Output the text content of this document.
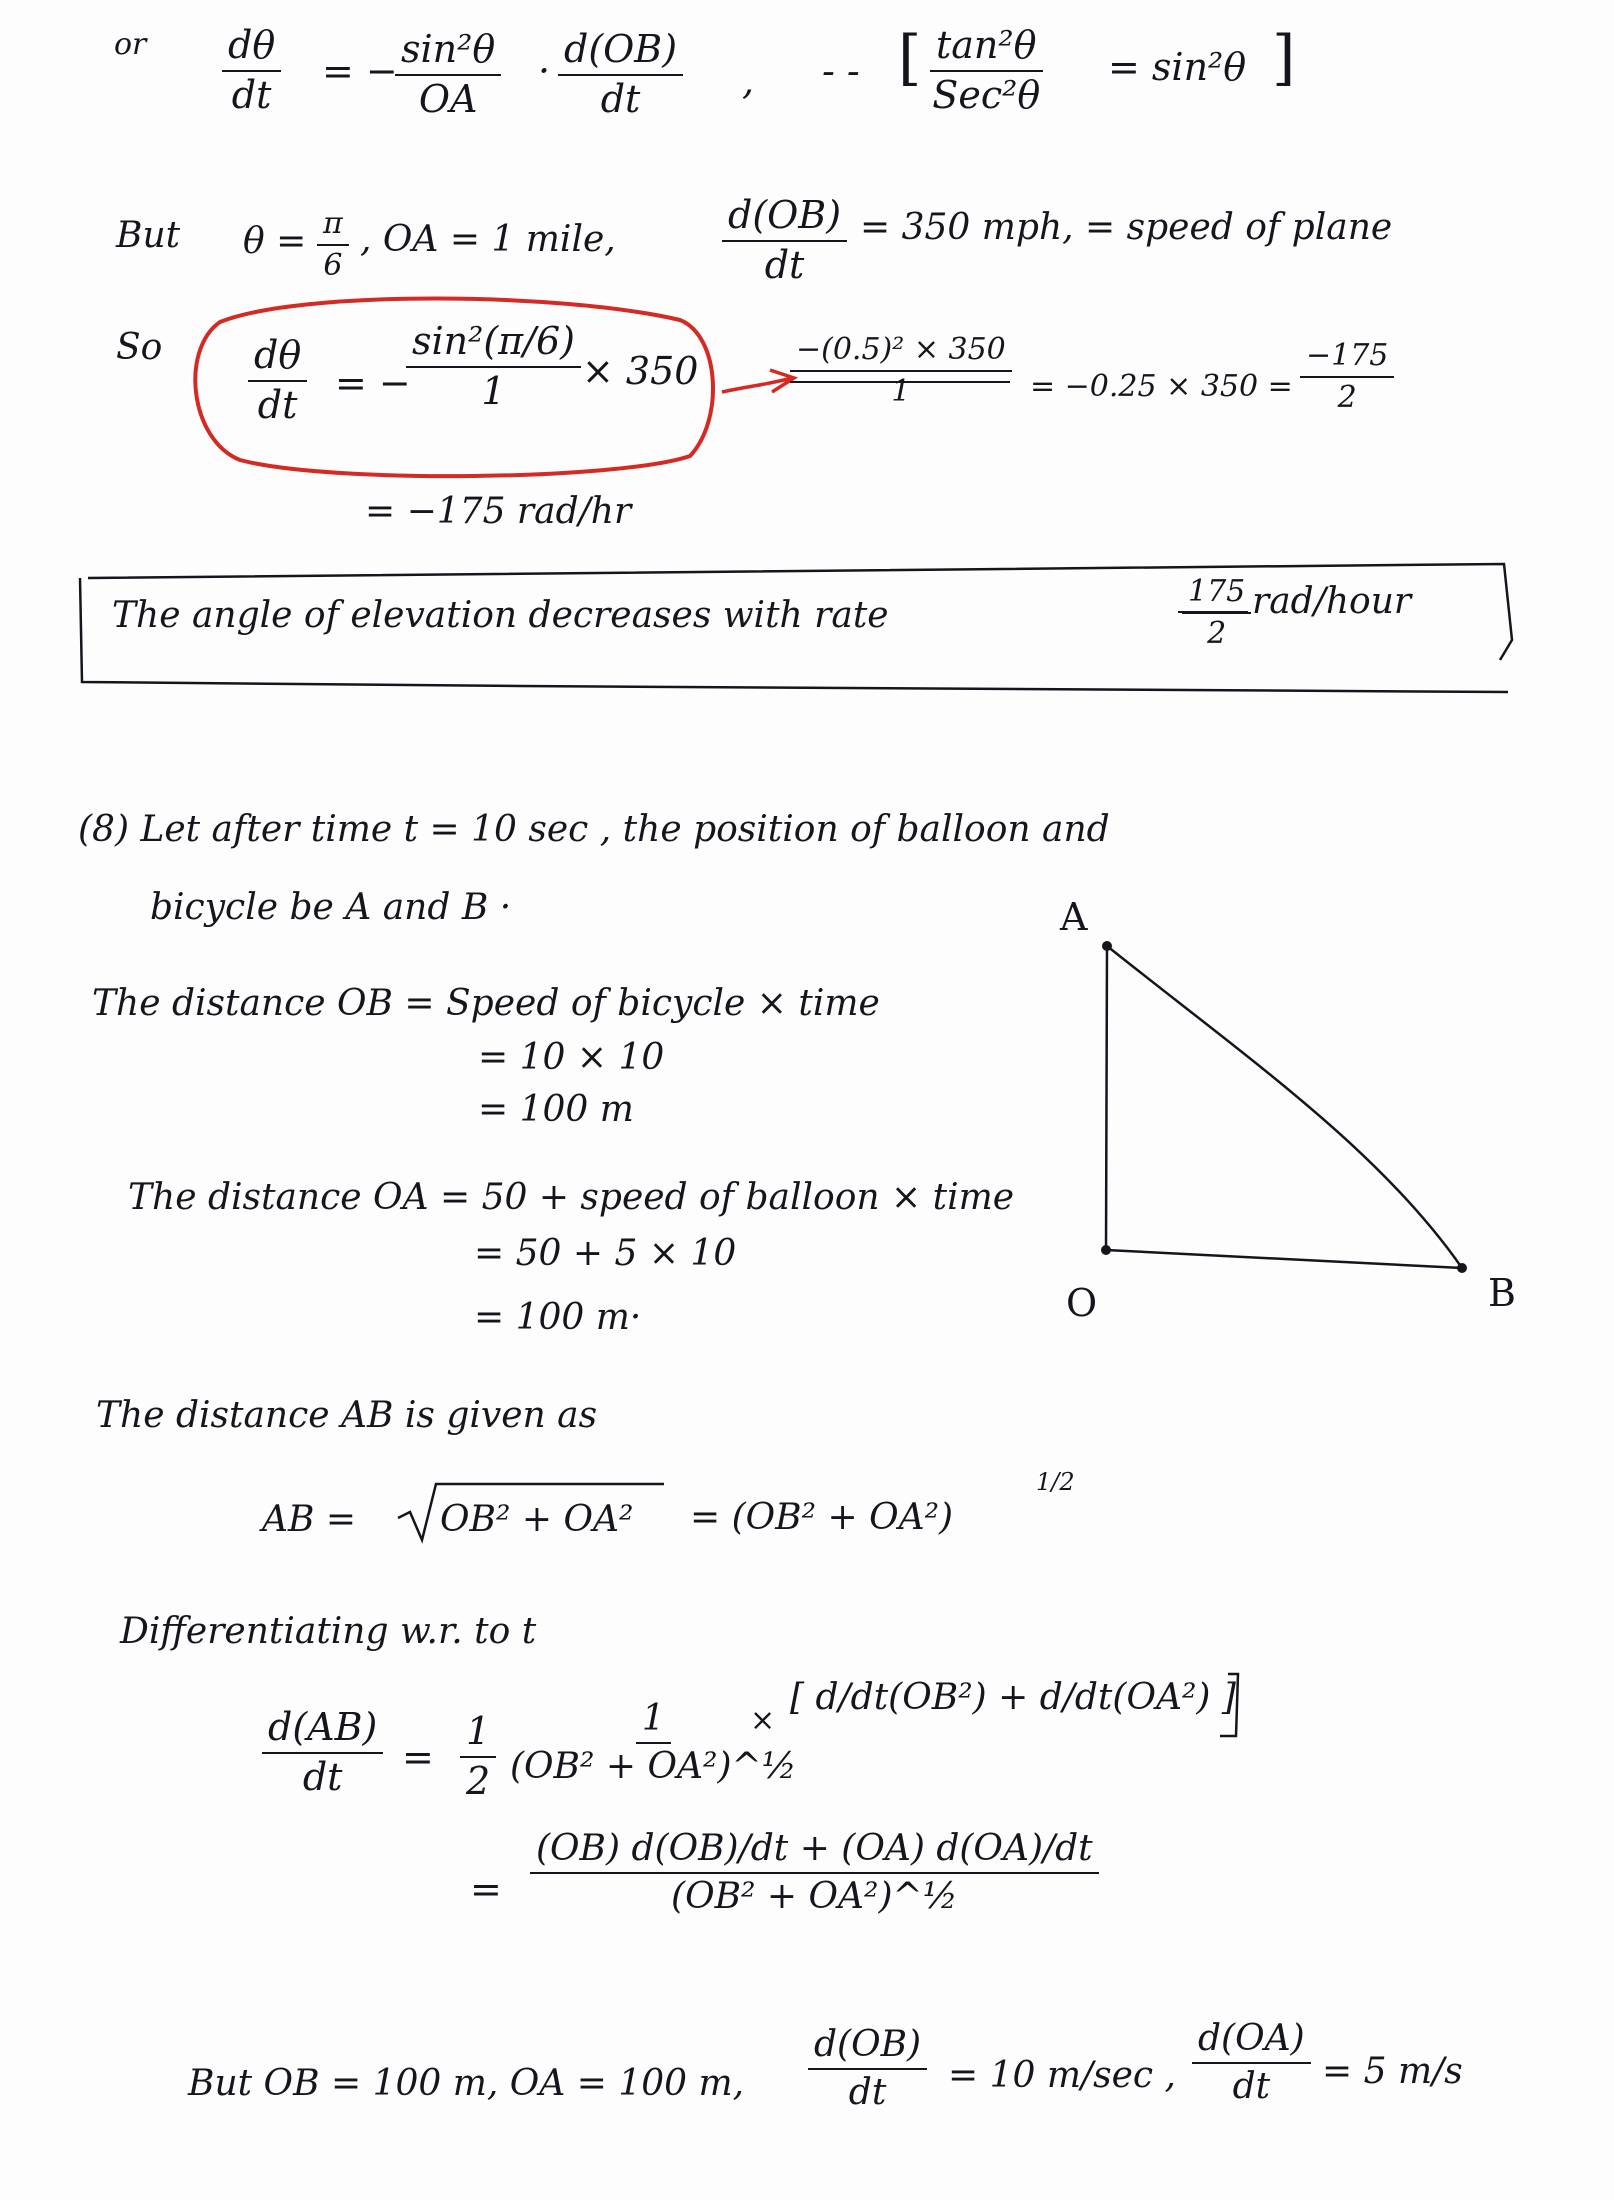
or $\frac{d\theta}{dt}$ = −
$\frac{\text{sin²θ}}{OA} \cdot \frac{d(OB)}{dt}$ , - - [ tan²θ
Sec²θ
= sin²θ ]
But $\theta = \frac{\pi}{6}$ , OA = 1 mile,	$\frac{d(OB)}{dt} = 350$ mph, = speed of plane
So $\frac{d\theta}{dt}$ = −
$\frac{\text{sin²(π/6)}}{1} \times 350$	$\frac{\text{−(0.5)² × 350}}{1} = -0.25 \times 350 = \frac{-175}{2}$
= −175 rad/hr
The angle of elevation decreases with rate	$\frac{175}{2}$ rad/hour
(8) Let after time t = 10 sec , the position of balloon and
bicycle be A and B ·
The distance OB = Speed of bicycle × time
= 10 × 10
= 100 m
The distance OA = 50 + speed of balloon × time
= 50 + 5 × 10
= 100 m·
A
O	B
The distance AB is given as
AB = OB² + OA² = (OB² + OA²)
1/2
Differentiating w.r. to t
$\frac{d(AB)}{dt} = \frac{1}{2} \frac{1}{\text{(OB² + OA²)\textasciicircum{}½}}$
×
[ d/dt(OB²) + d/dt(OA²) ]
= $\frac{(OB) d(OB)/dt + (OA) d(OA)/dt}{\text{(OB² + OA²)\textasciicircum{}½}}$
But OB = 100 m, OA = 100 m, $\frac{d(OB)}{dt} = 10$ m/sec , $\frac{d(OA)}{dt} = 5$ m/s
